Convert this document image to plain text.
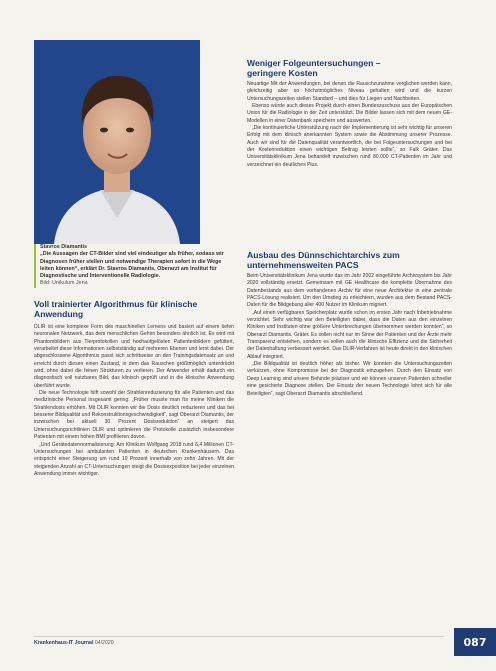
Stavros Diamantis
„Die Aussagen der CT-Bilder sind viel eindeutiger als früher, sodass wir Diagnosen früher stellen und notwendige Therapien sofort in die Wege leiten können“, erklärt Dr. Stavros Diamantis, Oberarzt am Institut für Diagnostische und Interventionelle Radiologie.
Bild: Unikulum Jena
Voll trainierter Algorithmus für klinische
Anwendung

DLIR ist eine komplexe Form des maschinellen Lernens und basiert auf einem tiefen neuronalen Netzwerk, das dem menschlichen Gehirn besonders ähnlich ist. Es wird mit Phantombildern aus Tierprotokollen und hochaufgelösten Patientenbildern gefüttert, verarbeitet diese Informationen selbstständig auf mehreren Ebenen und lernt dabei. Der abgeschlossene Algorithmus passt sich schrittweise an den Trainingsdatensatz an und erreicht durch diesen einen Zustand, in dem das Rauschen größtmöglich unterdrückt wird, ohne dabei die feinen Strukturen zu verlieren. Der Anwender erhält dadurch ein diagnostisch voll nutzbares Bild, das klinisch geprüft und in die klinische Anwendung überführt wurde.

Die neue Technologie hilft sowohl der Strahlenreduzierung für alle Patienten und das medizinische Personal insgesamt gering: „Früher musste man für meine Kliniken die Strahlendosis erhöhen. Mit DLIR konnten wir die Dosis deutlich reduzieren und das bei besserer Bildqualität und Rekonstruktionsgeschwindigkeit“, sagt Oberarzt Diamantis, der inzwischen bei aktuell 30 Prozent Dosisreduktion“ an steigert das Untersuchungsrichtlinien DLIR und optimieren die Protokolle zusätzlich insbesondere Patienten mit einem hohen BMI profitieren davon.

„Und Gerätedatennormalisierung: Am Klinikum Wolfgang 2018 rund 6,4 Millionen CT-Untersuchungen bei ambulanten Patienten in deutschen Krankenhäusern. Das entspricht einer Steigerung um rund 19 Prozent innerhalb von zehn Jahren. Mit der steigenden Anzahl an CT-Untersuchungen steigt die Dosisexposition bei jeder einzelnen Anwendung immer wichtiger.

Weniger Folgeuntersuchungen –
geringere Kosten

Neuartige Mit der Anwendungen, bei denen die Rauschzunahme verglichen werden kann, gleichzeitig aber so höchstmögliches Niveau gehalten wird und die kurzen Untersuchungszeiten stellen Standard – und dies für Liegen und Nachbeiten.

Ebenso würde auch dieses Projekt durch einen Bundeszuschuss aus der Europäischen Union für die Radiologie in der Zeit unterstützt. Die Bilder lassen sich mit dem neuen GE-Modellen in einer Datenbank speichern und auswerten.

„Die kontinuierliche Unterstützung nach der Implementierung ist sehr wichtig für unseren Erfolg mit dem klinisch anerkannten System sowie die Abstimmung unserer Prozesse. Auch wir sind für die Datenqualität verantwortlich, die bei Folgeuntersuchungen und bei der Kostenreduktion einen wichtigen Beitrag leisten sollte“, so Falk Gräter. Das Universitätsklinikum Jena behandelt inzwischen rund 80.000 CT-Patienten im Jahr und verzeichnet ein deutliches Plus.

Ausbau des Dünnschichtarchivs zum
unternehmensweiten PACS

Beim Universitätsklinikum Jena wurde das im Jahr 2002 eingeführte Archivsystem bis Jahr 2020 vollständig ersetzt. Gemeinsam mit GE Healthcare die komplette Übernahme des Datenbestands aus dem vorhandenen Archiv für eine neue Architektur in eine zentrale PACS-Lösung realisiert. Um den Umstieg zu erleichtern, wurden aus dem Bestand PACS-Daten für die Bildgebung aller 400 Nutzer im Klinikum migriert.

„Auf einen verfügbaren Speicherplatz wurde schon im ersten Jahr nach Inbetriebnahme verzichtet. Sehr wichtig war den Beteiligten dabei, dass die Daten aus den einzelnen Kliniken und Instituten ohne größere Unterbrechungen übernommen werden konnten“, so Oberarzt Diamantis. Gräter. Es sollen nicht nur im Sinne der Patienten und der Ärzte mehr Transparenz entstehen, sondern es sollen auch die klinische Effizienz und die Sicherheit der Datenhaltung verbessert werden. Das DLIR-Verfahren ist heute direkt in den klinischen Ablauf integriert.

„Die Bildqualität ist deutlich höher als bisher. Wir konnten die Untersuchungszeiten verkürzen, ohne Kompromisse bei der Diagnostik einzugehen. Durch den Einsatz von Deep Learning sind unsere Befunde präziser und wir können unseren Patienten schneller eine gesicherte Diagnose stellen. Der Einsatz der neuen Technologie lohnt sich für alle Beteiligten“, sagt Oberarzt Diamantis abschließend.

Krankenhaus-IT Journal 04/2020	087
